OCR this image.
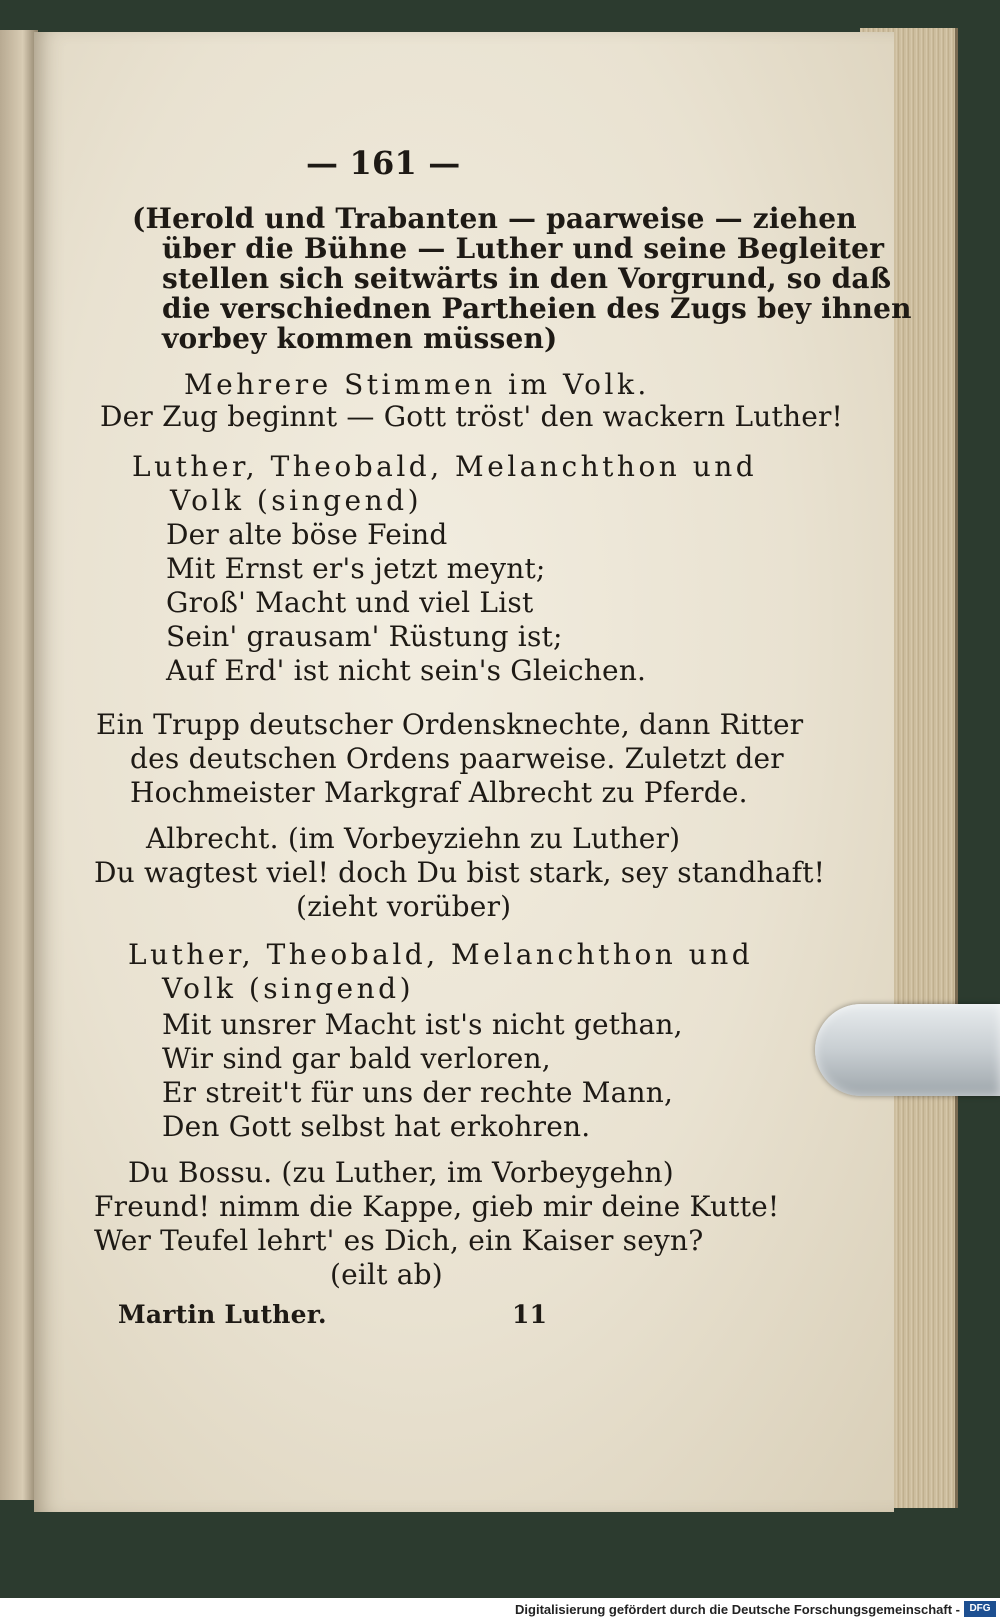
— 161 —
(Herold und Trabanten — paarweise — ziehen
über die Bühne — Luther und seine Begleiter
stellen sich seitwärts in den Vorgrund, so daß
die verschiednen Partheien des Zugs bey ihnen
vorbey kommen müssen)
Mehrere Stimmen im Volk.
Der Zug beginnt — Gott tröst' den wackern Luther!
Luther, Theobald, Melanchthon und
Volk (singend)
Der alte böse Feind
Mit Ernst er's jetzt meynt;
Groß' Macht und viel List
Sein' grausam' Rüstung ist;
Auf Erd' ist nicht sein's Gleichen.
Ein Trupp deutscher Ordensknechte, dann Ritter
des deutschen Ordens paarweise. Zuletzt der
Hochmeister Markgraf Albrecht zu Pferde.
Albrecht. (im Vorbeyziehn zu Luther)
Du wagtest viel! doch Du bist stark, sey standhaft!
(zieht vorüber)
Luther, Theobald, Melanchthon und
Volk (singend)
Mit unsrer Macht ist's nicht gethan,
Wir sind gar bald verloren,
Er streit't für uns der rechte Mann,
Den Gott selbst hat erkohren.
Du Bossu. (zu Luther, im Vorbeygehn)
Freund! nimm die Kappe, gieb mir deine Kutte!
Wer Teufel lehrt' es Dich, ein Kaiser seyn?
(eilt ab)
Martin Luther.	11
Digitalisierung gefördert durch die Deutsche Forschungsgemeinschaft - DFG
